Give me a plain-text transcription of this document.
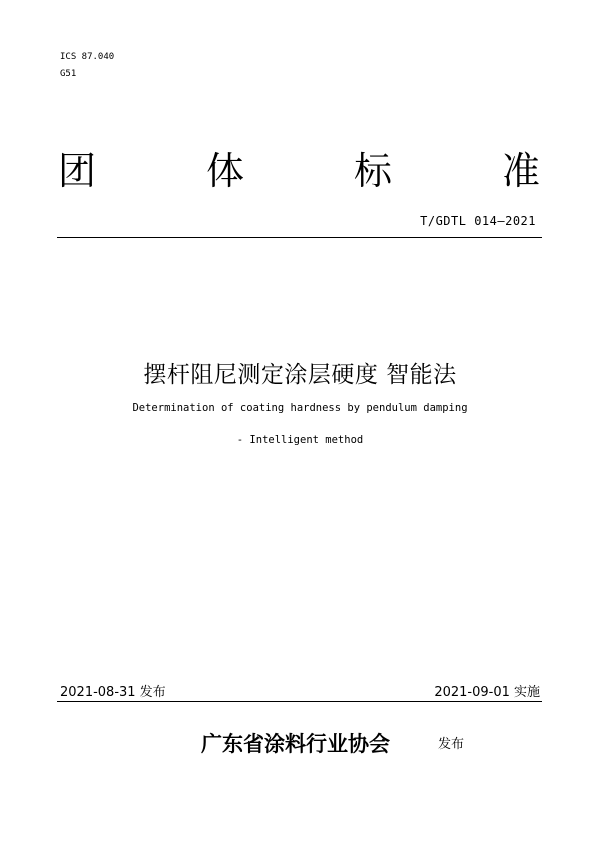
ICS 87.040
G51
团	体	标	准
T/GDTL 014—2021
摆杆阻尼测定涂层硬度 智能法
Determination of coating hardness by pendulum damping
- Intelligent method
2021-08-31 发布	2021-09-01 实施
广东省涂料行业协会	发布
